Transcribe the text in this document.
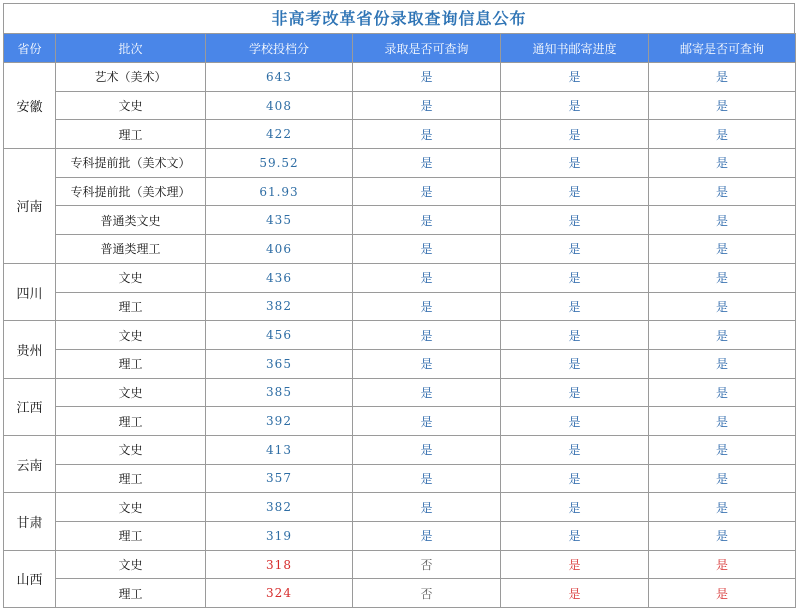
非高考改革省份录取查询信息公布
省份	批次	学校投档分	录取是否可查询	通知书邮寄进度	邮寄是否可查询
安徽	艺术（美术）	643	是	是	是
	文史	408	是	是	是
	理工	422	是	是	是
河南	专科提前批（美术文）	59.52	是	是	是
	专科提前批（美术理）	61.93	是	是	是
	普通类文史	435	是	是	是
	普通类理工	406	是	是	是
四川	文史	436	是	是	是
	理工	382	是	是	是
贵州	文史	456	是	是	是
	理工	365	是	是	是
江西	文史	385	是	是	是
	理工	392	是	是	是
云南	文史	413	是	是	是
	理工	357	是	是	是
甘肃	文史	382	是	是	是
	理工	319	是	是	是
山西	文史	318	否	是	是
	理工	324	否	是	是
